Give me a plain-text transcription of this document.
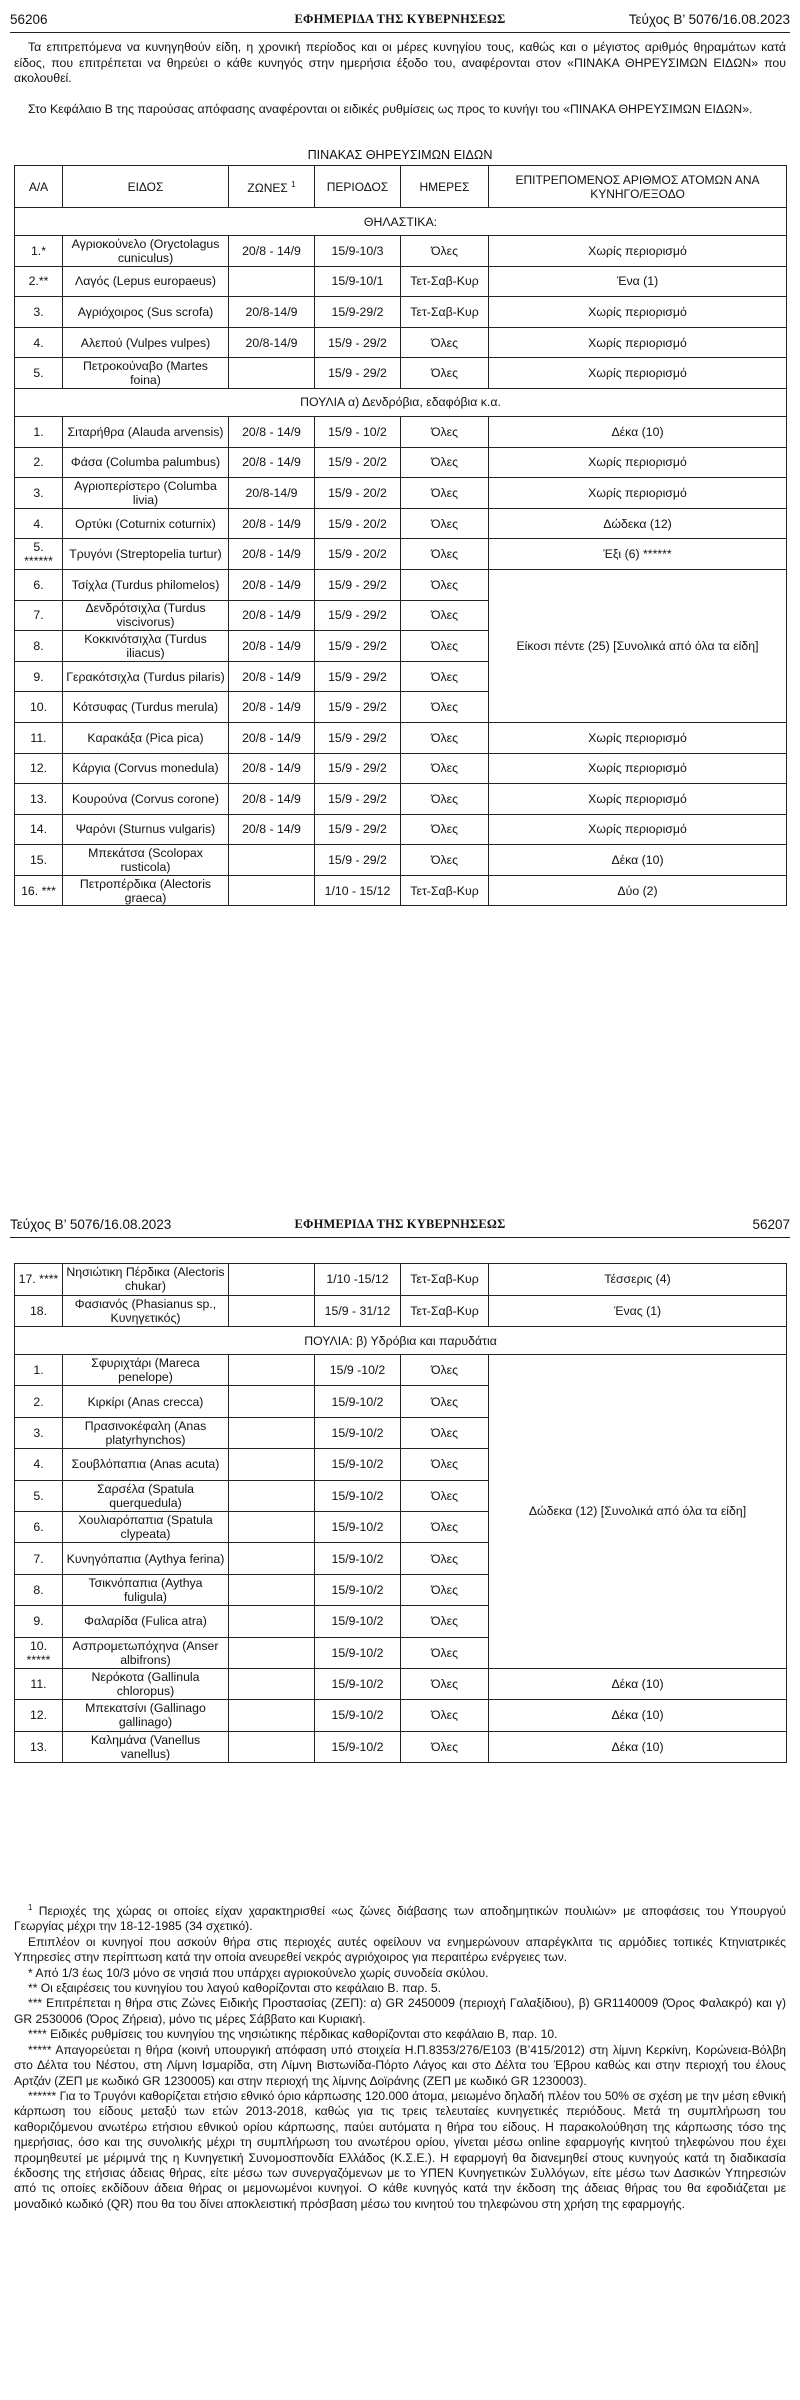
56206	ΕΦΗΜΕΡΙΔΑ ΤΗΣ ΚΥΒΕΡΝΗΣΕΩΣ	Τεύχος Β’ 5076/16.08.2023

Τα επιτρεπόμενα να κυνηγηθούν είδη, η χρονική περίοδος και οι μέρες κυνηγίου τους, καθώς και ο μέγιστος αριθμός θηραμάτων κατά είδος, που επιτρέπεται να θηρεύει ο κάθε κυνηγός στην ημερήσια έξοδο του, αναφέρονται στον «ΠΙΝΑΚΑ ΘΗΡΕΥΣΙΜΩΝ ΕΙΔΩΝ» που ακολουθεί.

Στο Κεφάλαιο Β της παρούσας απόφασης αναφέρονται οι ειδικές ρυθμίσεις ως προς το κυνήγι του «ΠΙΝΑΚΑ ΘΗΡΕΥΣΙΜΩΝ ΕΙΔΩΝ».

ΠΙΝΑΚΑΣ ΘΗΡΕΥΣΙΜΩΝ ΕΙΔΩΝ
Α/Α	ΕΙΔΟΣ	ΖΩΝΕΣ $^1$	ΠΕΡΙΟΔΟΣ	ΗΜΕΡΕΣ	ΕΠΙΤΡΕΠΟΜΕΝΟΣ ΑΡΙΘΜΟΣ ΑΤΟΜΩΝ ΑΝΑ ΚΥΝΗΓΟ/ΕΞΟΔΟ
ΘΗΛΑΣΤΙΚΑ:					
1.*	Αγριοκούνελο (Oryctolagus cuniculus)	20/8 - 14/9	15/9-10/3	Όλες	Χωρίς περιορισμό
2.**	Λαγός (Lepus europaeus)		15/9-10/1	Τετ-Σαβ-Κυρ	Ένα (1)
3.	Αγριόχοιρος (Sus scrofa)	20/8-14/9	15/9-29/2	Τετ-Σαβ-Κυρ	Χωρίς περιορισμό
4.	Αλεπού (Vulpes vulpes)	20/8-14/9	15/9 - 29/2	Όλες	Χωρίς περιορισμό
5.	Πετροκούναβο (Martes foina)		15/9 - 29/2	Όλες	Χωρίς περιορισμό
ΠΟΥΛΙΑ α) Δενδρόβια, εδαφόβια κ.α.					
1.	Σιταρήθρα (Alauda arvensis)	20/8 - 14/9	15/9 - 10/2	Όλες	Δέκα (10)
2.	Φάσα (Columba palumbus)	20/8 - 14/9	15/9 - 20/2	Όλες	Χωρίς περιορισμό
3.	Αγριοπερίστερο (Columba livia)	20/8-14/9	15/9 - 20/2	Όλες	Χωρίς περιορισμό
4.	Ορτύκι (Coturnix coturnix)	20/8 - 14/9	15/9 - 20/2	Όλες	Δώδεκα (12)
5. ******	Τρυγόνι (Streptopelia turtur)	20/8 - 14/9	15/9 - 20/2	Όλες	Έξι (6) ******
6.	Τσίχλα (Turdus philomelos)	20/8 - 14/9	15/9 - 29/2	Όλες	Είκοσι πέντε (25) [Συνολικά από όλα τα είδη]
7.	Δενδρότσιχλα (Turdus viscivorus)	20/8 - 14/9	15/9 - 29/2	Όλες	
8.	Κοκκινότσιχλα (Turdus iliacus)	20/8 - 14/9	15/9 - 29/2	Όλες	
9.	Γερακότσιχλα (Turdus pilaris)	20/8 - 14/9	15/9 - 29/2	Όλες	
10.	Κότσυφας (Turdus merula)	20/8 - 14/9	15/9 - 29/2	Όλες	
11.	Καρακάξα (Pica pica)	20/8 - 14/9	15/9 - 29/2	Όλες	Χωρίς περιορισμό
12.	Κάργια (Corvus monedula)	20/8 - 14/9	15/9 - 29/2	Όλες	Χωρίς περιορισμό
13.	Κουρούνα (Corvus corone)	20/8 - 14/9	15/9 - 29/2	Όλες	Χωρίς περιορισμό
14.	Ψαρόνι (Sturnus vulgaris)	20/8 - 14/9	15/9 - 29/2	Όλες	Χωρίς περιορισμό
15.	Μπεκάτσα (Scolopax rusticola)		15/9 - 29/2	Όλες	Δέκα (10)
16. ***	Πετροπέρδικα (Alectoris graeca)		1/10 - 15/12	Τετ-Σαβ-Κυρ	Δύο (2)
Τεύχος Β’ 5076/16.08.2023	ΕΦΗΜΕΡΙΔΑ ΤΗΣ ΚΥΒΕΡΝΗΣΕΩΣ	56207
17. ****	Νησιώτικη Πέρδικα (Alectoris chukar)		1/10 -15/12	Τετ-Σαβ-Κυρ	Τέσσερις (4)
18.	Φασιανός (Phasianus sp., Κυνηγετικός)		15/9 - 31/12	Τετ-Σαβ-Κυρ	Ένας (1)
ΠΟΥΛΙΑ: β) Υδρόβια και παρυδάτια					
1.	Σφυριχτάρι (Mareca penelope)		15/9 -10/2	Όλες	Δώδεκα (12) [Συνολικά από όλα τα είδη]
2.	Κιρκίρι (Anas crecca)		15/9-10/2	Όλες	
3.	Πρασινοκέφαλη (Anas platyrhynchos)		15/9-10/2	Όλες	
4.	Σουβλόπαπια (Anas acuta)		15/9-10/2	Όλες	
5.	Σαρσέλα (Spatula querquedula)		15/9-10/2	Όλες	
6.	Χουλιαρόπαπια (Spatula clypeata)		15/9-10/2	Όλες	
7.	Κυνηγόπαπια (Aythya ferina)		15/9-10/2	Όλες	
8.	Τσικνόπαπια (Aythya fuligula)		15/9-10/2	Όλες	
9.	Φαλαρίδα (Fulica atra)		15/9-10/2	Όλες	
10. *****	Ασπρομετωπόχηνα (Anser albifrons)		15/9-10/2	Όλες	
11.	Νερόκοτα (Gallinula chloropus)		15/9-10/2	Όλες	Δέκα (10)
12.	Μπεκατσίνι (Gallinago gallinago)		15/9-10/2	Όλες	Δέκα (10)
13.	Καλημάνα (Vanellus vanellus)		15/9-10/2	Όλες	Δέκα (10)

$^1$ Περιοχές της χώρας οι οποίες είχαν χαρακτηρισθεί «ως ζώνες διάβασης των αποδημητικών πουλιών» με αποφάσεις του Υπουργού Γεωργίας μέχρι την 18-12-1985 (34 σχετικό).

Επιπλέον οι κυνηγοί που ασκούν θήρα στις περιοχές αυτές οφείλουν να ενημερώνουν απαρέγκλιτα τις αρμόδιες τοπικές Κτηνιατρικές Υπηρεσίες στην περίπτωση κατά την οποία ανευρεθεί νεκρός αγριόχοιρος για περαιτέρω ενέργειες των.

* Από 1/3 έως 10/3 μόνο σε νησιά που υπάρχει αγριοκούνελο χωρίς συνοδεία σκύλου.

** Οι εξαιρέσεις του κυνηγίου του λαγού καθορίζονται στο κεφάλαιο Β. παρ. 5.

*** Επιτρέπεται η θήρα στις Ζώνες Ειδικής Προστασίας (ΖΕΠ): α) GR 2450009 (περιοχή Γαλαξίδιου), β) GR1140009 (Όρος Φαλακρό) και γ) GR 2530006 (Όρος Ζήρεια), μόνο τις μέρες Σάββατο και Κυριακή.

**** Ειδικές ρυθμίσεις του κυνηγίου της νησιώτικης πέρδικας καθορίζονται στο κεφάλαιο Β, παρ. 10.

***** Απαγορεύεται η θήρα (κοινή υπουργική απόφαση υπό στοιχεία Η.Π.8353/276/Ε103 (Β’415/2012) στη λίμνη Κερκίνη, Κορώνεια-Βόλβη στο Δέλτα του Νέστου, στη Λίμνη Ισμαρίδα, στη Λίμνη Βιστωνίδα-Πόρτο Λάγος και στο Δέλτα του Έβρου καθώς και στην περιοχή του έλους Αρτζάν (ΖΕΠ με κωδικό GR 1230005) και στην περιοχή της λίμνης Δοϊράνης (ΖΕΠ με κωδικό GR 1230003).

****** Για το Τρυγόνι καθορίζεται ετήσιο εθνικό όριο κάρπωσης 120.000 άτομα, μειωμένο δηλαδή πλέον του 50% σε σχέση με την μέση εθνική κάρπωση του είδους μεταξύ των ετών 2013-2018, καθώς για τις τρεις τελευταίες κυνηγετικές περιόδους. Μετά τη συμπλήρωση του καθοριζόμενου ανωτέρω ετήσιου εθνικού ορίου κάρπωσης, παύει αυτόματα η θήρα του είδους. Η παρακολούθηση της κάρπωσης τόσο της ημερήσιας, όσο και της συνολικής μέχρι τη συμπλήρωση του ανωτέρου ορίου, γίνεται μέσω online εφαρμογής κινητού τηλεφώνου που έχει προμηθευτεί με μέριμνά της η Κυνηγετική Συνομοσπονδία Ελλάδος (Κ.Σ.Ε.). Η εφαρμογή θα διανεμηθεί στους κυνηγούς κατά τη διαδικασία έκδοσης της ετήσιας άδειας θήρας, είτε μέσω των συνεργαζόμενων με το ΥΠΕΝ Κυνηγετικών Συλλόγων, είτε μέσω των Δασικών Υπηρεσιών από τις οποίες εκδίδουν άδεια θήρας οι μεμονωμένοι κυνηγοί. Ο κάθε κυνηγός κατά την έκδοση της άδειας θήρας του θα εφοδιάζεται με μοναδικό κωδικό (QR) που θα του δίνει αποκλειστική πρόσβαση μέσω του κινητού του τηλεφώνου στη χρήση της εφαρμογής.
